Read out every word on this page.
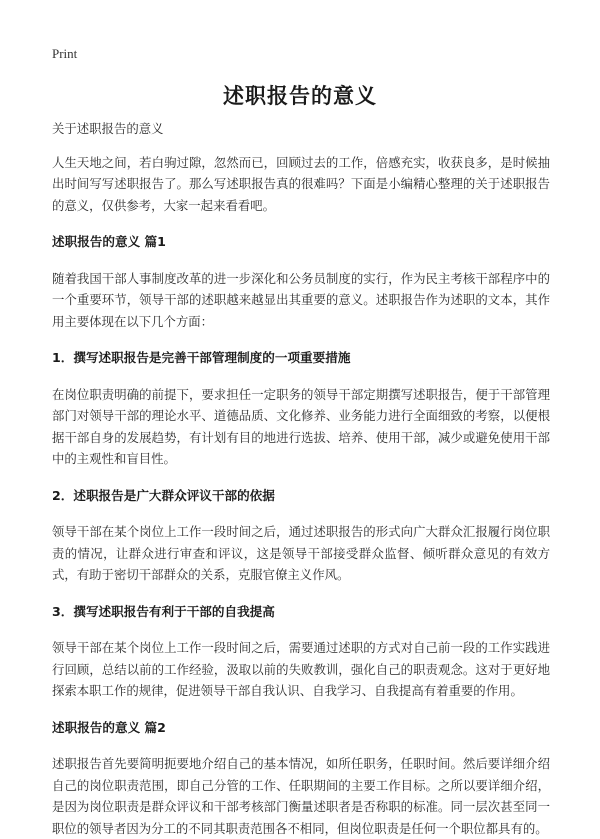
Print
述职报告的意义

关于述职报告的意义

人生天地之间，若白驹过隙，忽然而已，回顾过去的工作，倍感充实，收获良多，是时候抽出时间写写述职报告了。那么写述职报告真的很难吗？下面是小编精心整理的关于述职报告的意义，仅供参考，大家一起来看看吧。

述职报告的意义 篇1

随着我国干部人事制度改革的进一步深化和公务员制度的实行，作为民主考核干部程序中的一个重要环节，领导干部的述职越来越显出其重要的意义。述职报告作为述职的文本，其作用主要体现在以下几个方面：

1．撰写述职报告是完善干部管理制度的一项重要措施

在岗位职责明确的前提下，要求担任一定职务的领导干部定期撰写述职报告，便于干部管理部门对领导干部的理论水平、道德品质、文化修养、业务能力进行全面细致的考察，以便根据干部自身的发展趋势，有计划有目的地进行选拔、培养、使用干部，减少或避免使用干部中的主观性和盲目性。

2．述职报告是广大群众评议干部的依据

领导干部在某个岗位上工作一段时间之后，通过述职报告的形式向广大群众汇报履行岗位职责的情况，让群众进行审查和评议，这是领导干部接受群众监督、倾听群众意见的有效方式，有助于密切干部群众的关系，克服官僚主义作风。

3．撰写述职报告有利于干部的自我提高

领导干部在某个岗位上工作一段时间之后，需要通过述职的方式对自己前一段的工作实践进行回顾，总结以前的工作经验，汲取以前的失败教训，强化自己的职责观念。这对于更好地探索本职工作的规律，促进领导干部自我认识、自我学习、自我提高有着重要的作用。

述职报告的意义 篇2

述职报告首先要简明扼要地介绍自己的基本情况，如所任职务，任职时间。然后要详细介绍自己的岗位职责范围，即自己分管的工作、任职期间的主要工作目标。之所以要详细介绍，是因为岗位职责是群众评议和干部考核部门衡量述职者是否称职的标准。同一层次甚至同一职位的领导者因为分工的不同其职责范围各不相同，但岗位职责是任何一个职位都具有的。
